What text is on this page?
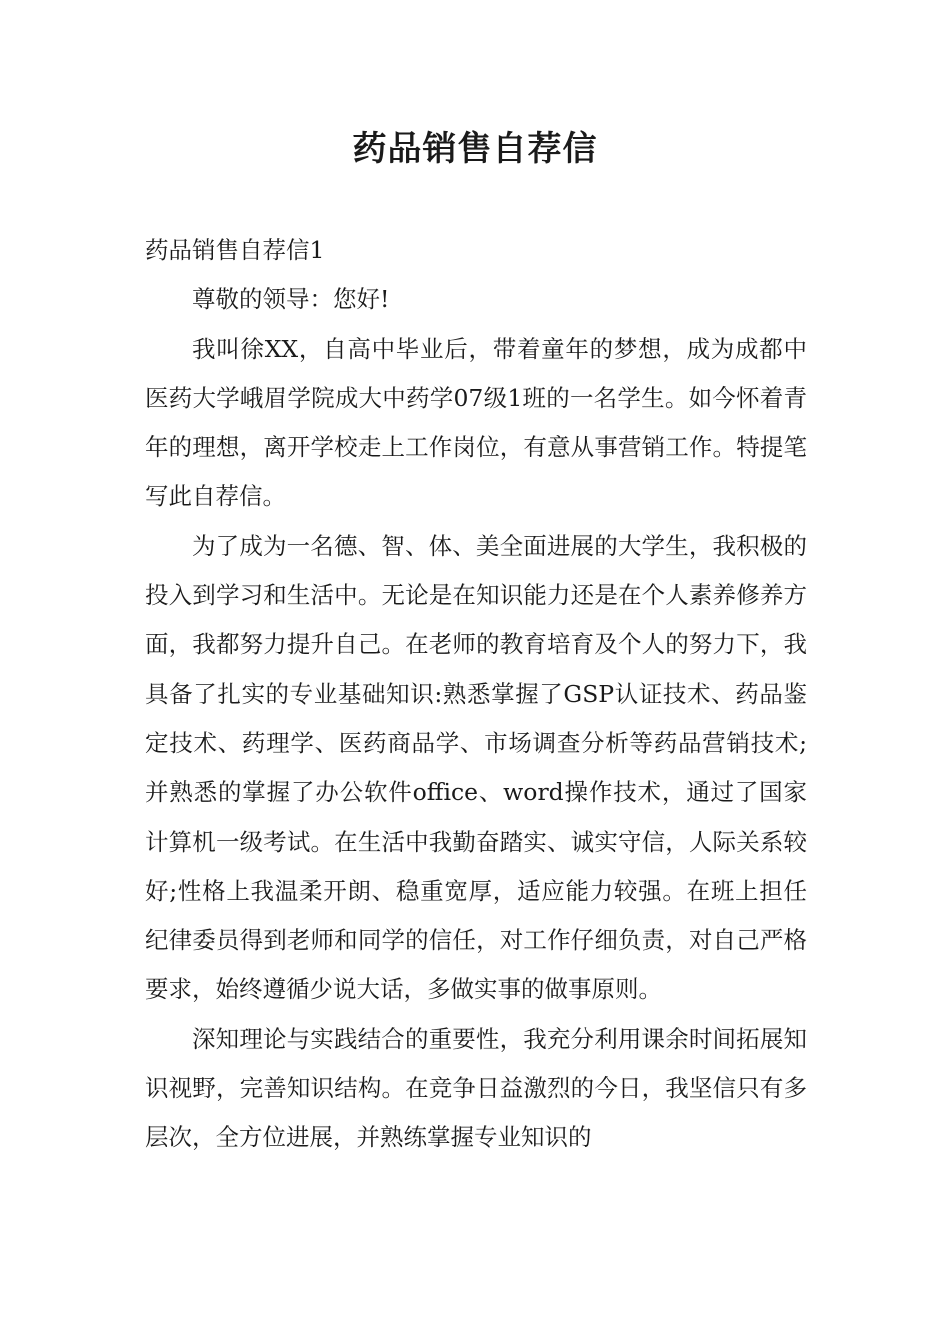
药品销售自荐信

药品销售自荐信1

尊敬的领导：您好!

我叫徐XX，自高中毕业后，带着童年的梦想，成为成都中医药大学峨眉学院成大中药学07级1班的一名学生。如今怀着青年的理想，离开学校走上工作岗位，有意从事营销工作。特提笔写此自荐信。

为了成为一名德、智、体、美全面进展的大学生，我积极的投入到学习和生活中。无论是在知识能力还是在个人素养修养方面，我都努力提升自己。在老师的教育培育及个人的努力下，我具备了扎实的专业基础知识:熟悉掌握了GSP认证技术、药品鉴定技术、药理学、医药商品学、市场调查分析等药品营销技术;并熟悉的掌握了办公软件office、word操作技术，通过了国家计算机一级考试。在生活中我勤奋踏实、诚实守信，人际关系较好;性格上我温柔开朗、稳重宽厚，适应能力较强。在班上担任纪律委员得到老师和同学的信任，对工作仔细负责，对自己严格要求，始终遵循少说大话，多做实事的做事原则。

深知理论与实践结合的重要性，我充分利用课余时间拓展知识视野，完善知识结构。在竞争日益激烈的今日，我坚信只有多层次，全方位进展，并熟练掌握专业知识的
